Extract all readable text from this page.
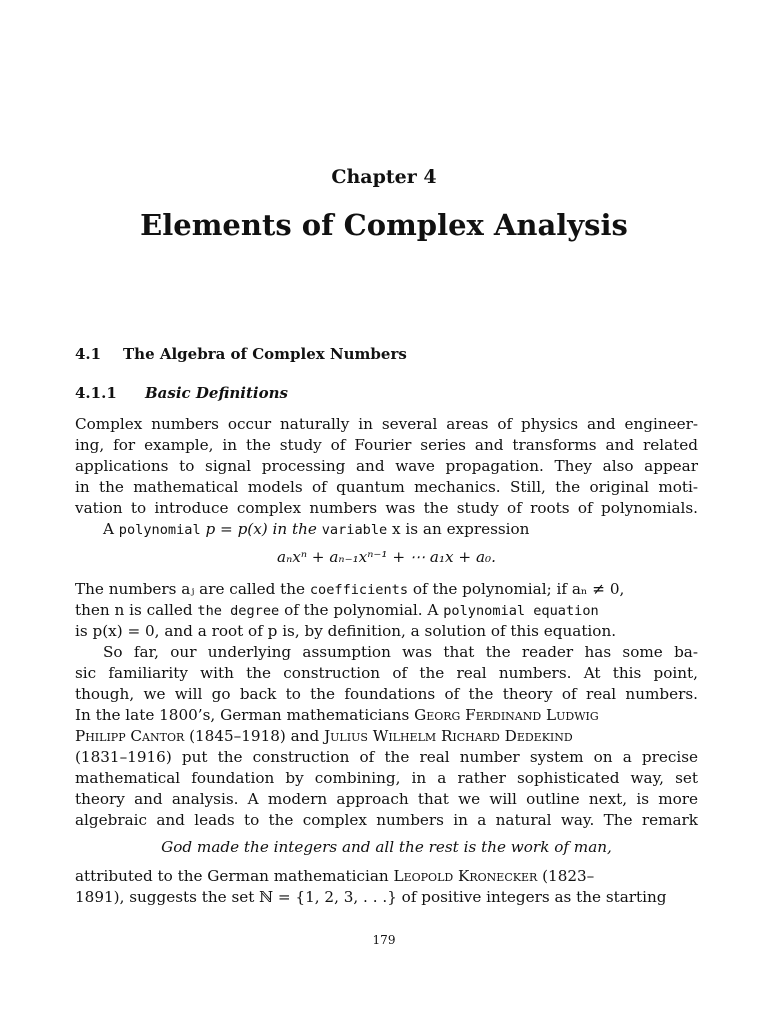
Chapter 4
Elements of Complex Analysis
4.1 The Algebra of Complex Numbers
4.1.1 Basic Definitions
Complex numbers occur naturally in several areas of physics and engineer-
ing, for example, in the study of Fourier series and transforms and related
applications to signal processing and wave propagation. They also appear
in the mathematical models of quantum mechanics. Still, the original moti-
vation to introduce complex numbers was the study of roots of polynomials.
A polynomial p = p(x) in the variable x is an expression
aₙxⁿ + aₙ₋₁xⁿ⁻¹ + ⋯ a₁x + a₀.
The numbers aⱼ are called the coefficients of the polynomial; if aₙ ≠ 0,
then n is called the degree of the polynomial. A polynomial equation
is p(x) = 0, and a root of p is, by definition, a solution of this equation.
So far, our underlying assumption was that the reader has some ba-
sic familiarity with the construction of the real numbers. At this point,
though, we will go back to the foundations of the theory of real numbers.
In the late 1800’s, German mathematicians Georg Ferdinand Ludwig
Philipp Cantor (1845–1918) and Julius Wilhelm Richard Dedekind
(1831–1916) put the construction of the real number system on a precise
mathematical foundation by combining, in a rather sophisticated way, set
theory and analysis. A modern approach that we will outline next, is more
algebraic and leads to the complex numbers in a natural way. The remark
God made the integers and all the rest is the work of man,
attributed to the German mathematician Leopold Kronecker (1823–
1891), suggests the set ℕ = {1, 2, 3, . . .} of positive integers as the starting
179
